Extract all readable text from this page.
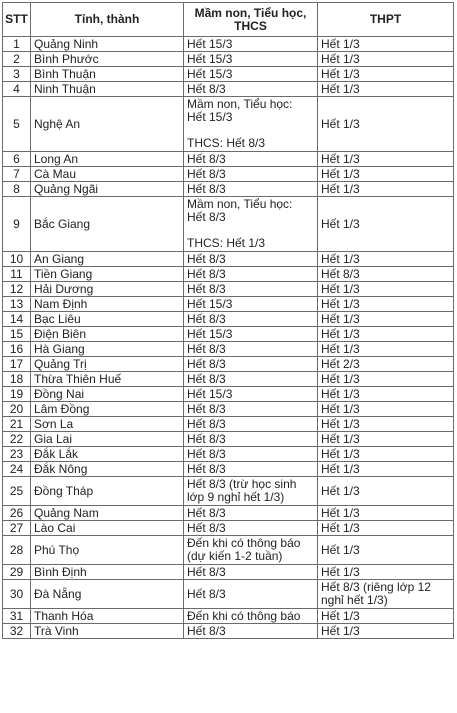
STT	Tỉnh, thành	Mầm non, Tiểu học, THCS	THPT
1	Quảng Ninh	Hết 15/3	Hết 1/3
2	Bình Phước	Hết 15/3	Hết 1/3
3	Bình Thuận	Hết 15/3	Hết 1/3
4	Ninh Thuận	Hết 8/3	Hết 1/3
5	Nghệ An	Mầm non, Tiểu học:
Hết 15/3

THCS: Hết 8/3	Hết 1/3
6	Long An	Hết 8/3	Hết 1/3
7	Cà Mau	Hết 8/3	Hết 1/3
8	Quảng Ngãi	Hết 8/3	Hết 1/3
9	Bắc Giang	Mầm non, Tiểu học:
Hết 8/3

THCS: Hết 1/3	Hết 1/3
10	An Giang	Hết 8/3	Hết 1/3
11	Tiền Giang	Hết 8/3	Hết 8/3
12	Hải Dương	Hết 8/3	Hết 1/3
13	Nam Định	Hết 15/3	Hết 1/3
14	Bạc Liêu	Hết 8/3	Hết 1/3
15	Điện Biên	Hết 15/3	Hết 1/3
16	Hà Giang	Hết 8/3	Hết 1/3
17	Quảng Trị	Hết 8/3	Hết 2/3
18	Thừa Thiên Huế	Hết 8/3	Hết 1/3
19	Đồng Nai	Hết 15/3	Hết 1/3
20	Lâm Đồng	Hết 8/3	Hết 1/3
21	Sơn La	Hết 8/3	Hết 1/3
22	Gia Lai	Hết 8/3	Hết 1/3
23	Đắk Lắk	Hết 8/3	Hết 1/3
24	Đắk Nông	Hết 8/3	Hết 1/3
25	Đồng Tháp	Hết 8/3 (trừ học sinh lớp 9 nghỉ hết 1/3)	Hết 1/3
26	Quảng Nam	Hết 8/3	Hết 1/3
27	Lào Cai	Hết 8/3	Hết 1/3
28	Phú Thọ	Đến khi có thông báo (dự kiến 1-2 tuần)	Hết 1/3
29	Bình Định	Hết 8/3	Hết 1/3
30	Đà Nẵng	Hết 8/3	Hết 8/3 (riêng lớp 12 nghỉ hết 1/3)
31	Thanh Hóa	Đến khi có thông báo	Hết 1/3
32	Trà Vinh	Hết 8/3	Hết 1/3
